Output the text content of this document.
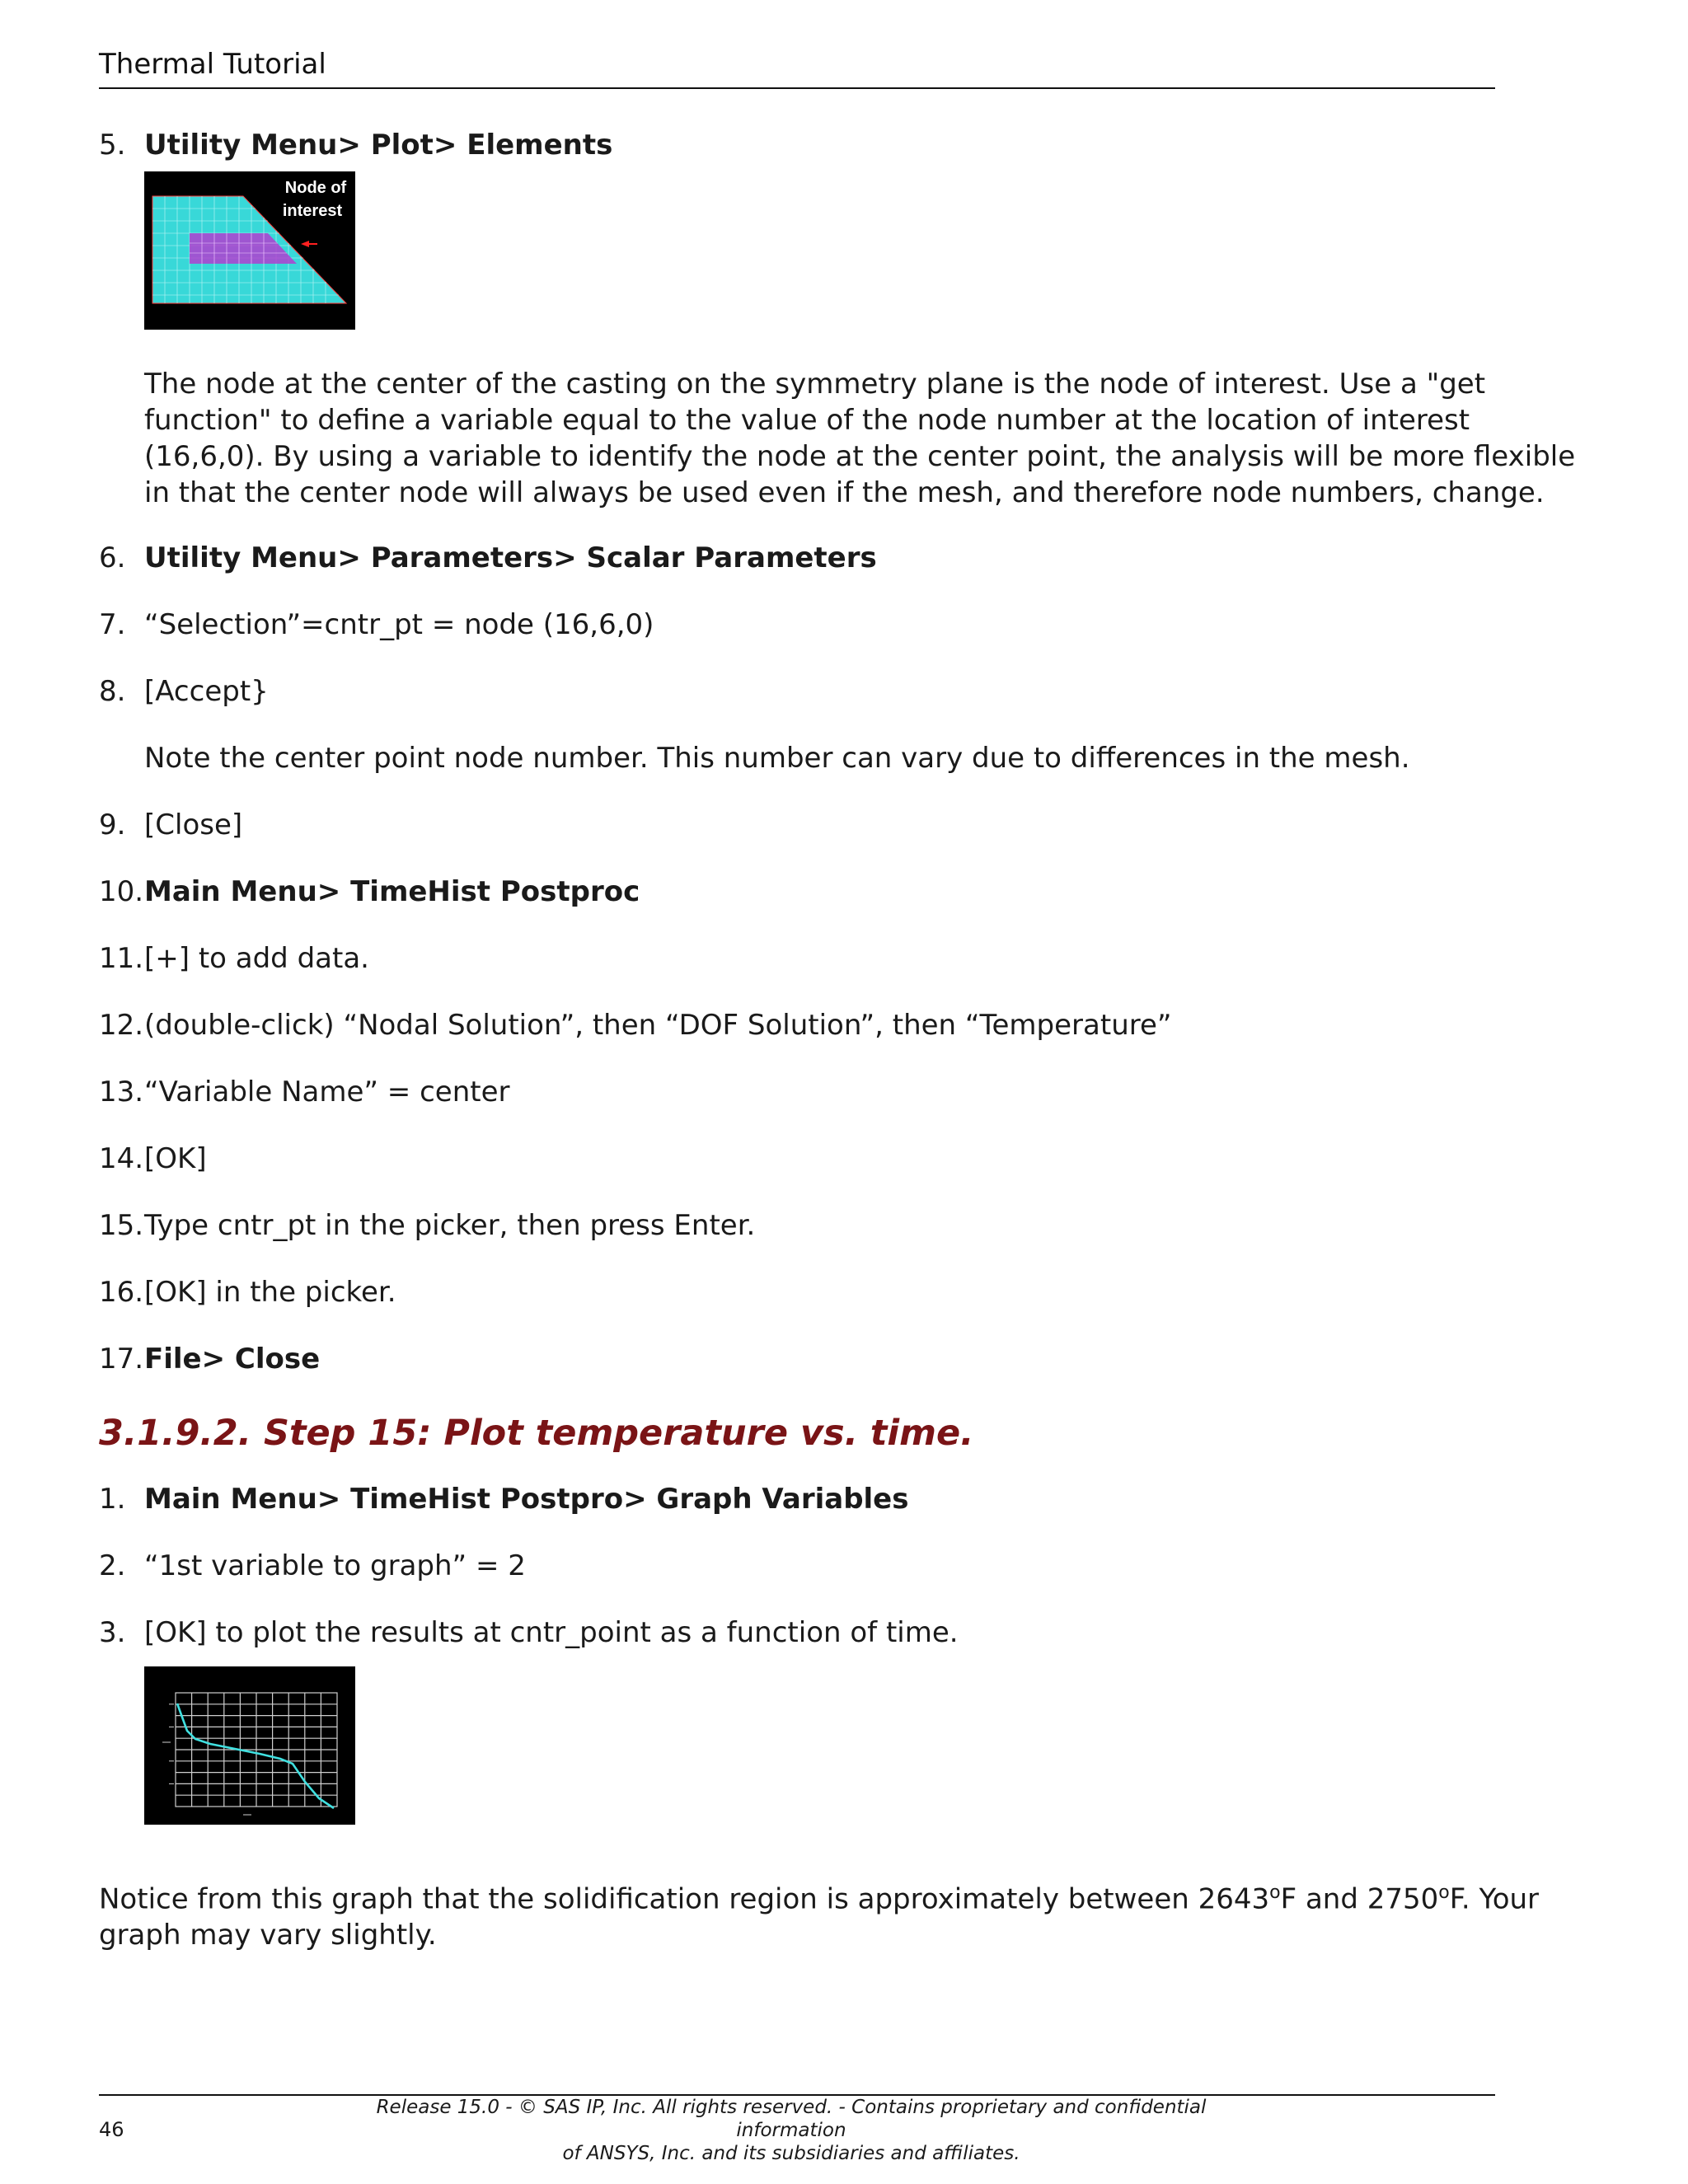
Thermal Tutorial
5. Utility Menu> Plot> Elements
Node of
interest

The node at the center of the casting on the symmetry plane is the node of interest. Use a "get

function" to define a variable equal to the value of the node number at the location of interest

(16,6,0). By using a variable to identify the node at the center point, the analysis will be more flexible

in that the center node will always be used even if the mesh, and therefore node numbers, change.

6. Utility Menu> Parameters> Scalar Parameters
7. “Selection”=cntr_pt = node (16,6,0)
8. [Accept}

Note the center point node number. This number can vary due to differences in the mesh.

9. [Close]
10. Main Menu> TimeHist Postproc
11. [+] to add data.
12. (double-click) “Nodal Solution”, then “DOF Solution”, then “Temperature”
13. “Variable Name” = center
14. [OK]
15. Type cntr_pt in the picker, then press Enter.
16. [OK] in the picker.
17. File> Close
3.1.9.2. Step 15: Plot temperature vs. time.
1. Main Menu> TimeHist Postpro> Graph Variables
2. “1st variable to graph” = 2
3. [OK] to plot the results at cntr_point as a function of time.

Notice from this graph that the solidification region is approximately between 2643$^o$F and 2750$^o$F. Your

graph may vary slightly.

46

Release 15.0 - © SAS IP, Inc. All rights reserved. - Contains proprietary and confidential information

of ANSYS, Inc. and its subsidiaries and affiliates.
